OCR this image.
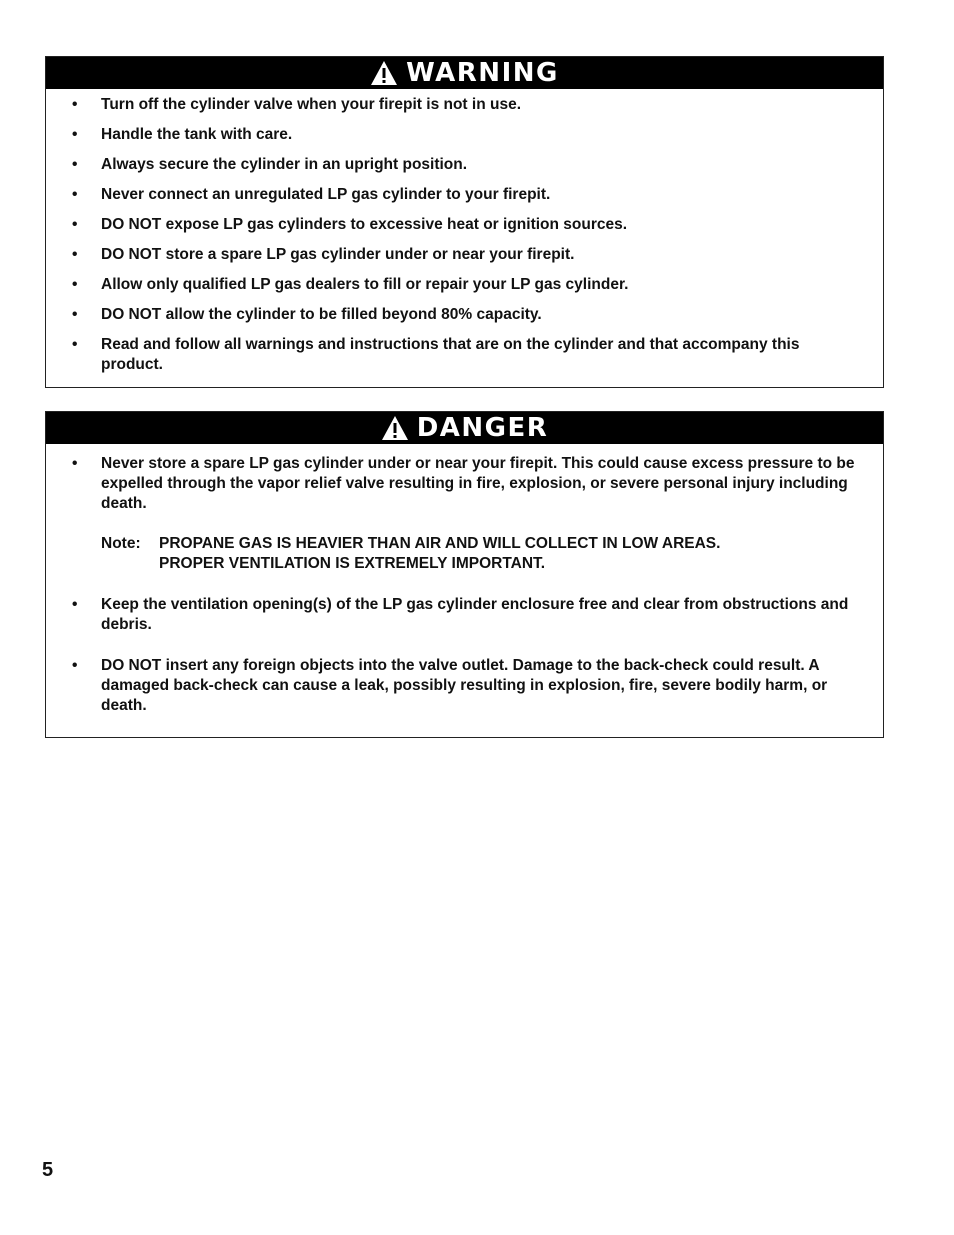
WARNING
• Turn off the cylinder valve when your firepit is not in use.
• Handle the tank with care.
• Always secure the cylinder in an upright position.
• Never connect an unregulated LP gas cylinder to your firepit.
• DO NOT expose LP gas cylinders to excessive heat or ignition sources.
• DO NOT store a spare LP gas cylinder under or near your firepit.
• Allow only qualified LP gas dealers to fill or repair your LP gas cylinder.
• DO NOT allow the cylinder to be filled beyond 80% capacity.
• Read and follow all warnings and instructions that are on the cylinder and that accompany this product.
DANGER
• Never store a spare LP gas cylinder under or near your firepit. This could cause excess pressure to be expelled through the vapor relief valve resulting in fire, explosion, or severe personal injury including death.
Note:	PROPANE GAS IS HEAVIER THAN AIR AND WILL COLLECT IN LOW AREAS. PROPER VENTILATION IS EXTREMELY IMPORTANT.
• Keep the ventilation opening(s) of the LP gas cylinder enclosure free and clear from obstructions and debris.
• DO NOT insert any foreign objects into the valve outlet. Damage to the back-check could result. A damaged back-check can cause a leak, possibly resulting in explosion, fire, severe bodily harm, or death.
5
